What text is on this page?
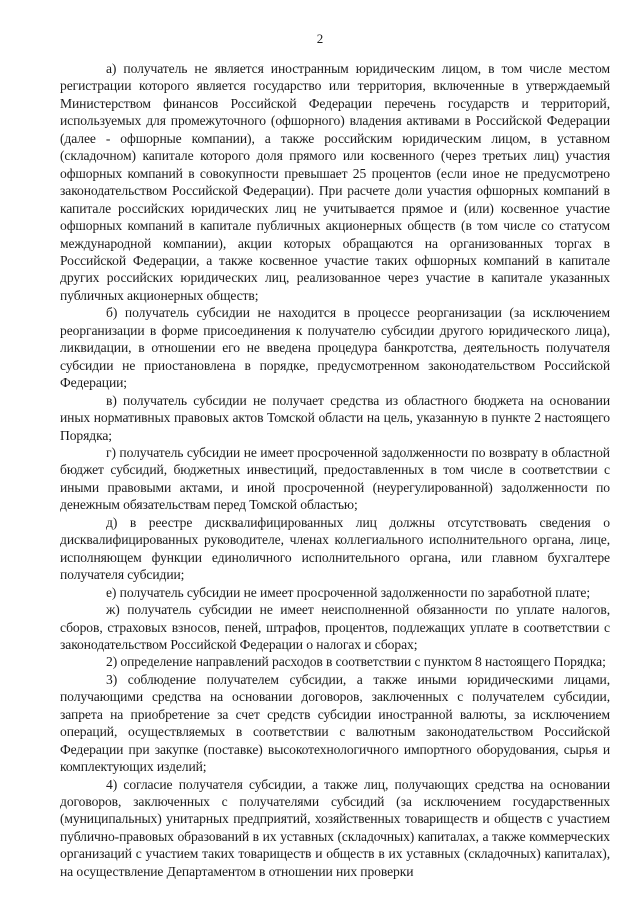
2

а) получатель не является иностранным юридическим лицом, в том числе местом регистрации которого является государство или территория, включенные в утверждаемый Министерством финансов Российской Федерации перечень государств и территорий, используемых для промежуточного (офшорного) владения активами в Российской Федерации (далее - офшорные компании), а также российским юридическим лицом, в уставном (складочном) капитале которого доля прямого или косвенного (через третьих лиц) участия офшорных компаний в совокупности превышает 25 процентов (если иное не предусмотрено законодательством Российской Федерации). При расчете доли участия офшорных компаний в капитале российских юридических лиц не учитывается прямое и (или) косвенное участие офшорных компаний в капитале публичных акционерных обществ (в том числе со статусом международной компании), акции которых обращаются на организованных торгах в Российской Федерации, а также косвенное участие таких офшорных компаний в капитале других российских юридических лиц, реализованное через участие в капитале указанных публичных акционерных обществ;

б) получатель субсидии не находится в процессе реорганизации (за исключением реорганизации в форме присоединения к получателю субсидии другого юридического лица), ликвидации, в отношении его не введена процедура банкротства, деятельность получателя субсидии не приостановлена в порядке, предусмотренном законодательством Российской Федерации;

в) получатель субсидии не получает средства из областного бюджета на основании иных нормативных правовых актов Томской области на цель, указанную в пункте 2 настоящего Порядка;

г) получатель субсидии не имеет просроченной задолженности по возврату в областной бюджет субсидий, бюджетных инвестиций, предоставленных в том числе в соответствии с иными правовыми актами, и иной просроченной (неурегулированной) задолженности по денежным обязательствам перед Томской областью;

д) в реестре дисквалифицированных лиц должны отсутствовать сведения о дисквалифицированных руководителе, членах коллегиального исполнительного органа, лице, исполняющем функции единоличного исполнительного органа, или главном бухгалтере получателя субсидии;

е) получатель субсидии не имеет просроченной задолженности по заработной плате;

ж) получатель субсидии не имеет неисполненной обязанности по уплате налогов, сборов, страховых взносов, пеней, штрафов, процентов, подлежащих уплате в соответствии с законодательством Российской Федерации о налогах и сборах;

2) определение направлений расходов в соответствии с пунктом 8 настоящего Порядка;

3) соблюдение получателем субсидии, а также иными юридическими лицами, получающими средства на основании договоров, заключенных с получателем субсидии, запрета на приобретение за счет средств субсидии иностранной валюты, за исключением операций, осуществляемых в соответствии с валютным законодательством Российской Федерации при закупке (поставке) высокотехнологичного импортного оборудования, сырья и комплектующих изделий;

4) согласие получателя субсидии, а также лиц, получающих средства на основании договоров, заключенных с получателями субсидий (за исключением государственных (муниципальных) унитарных предприятий, хозяйственных товариществ и обществ с участием публично-правовых образований в их уставных (складочных) капиталах, а также коммерческих организаций с участием таких товариществ и обществ в их уставных (складочных) капиталах), на осуществление Департаментом в отношении них проверки
